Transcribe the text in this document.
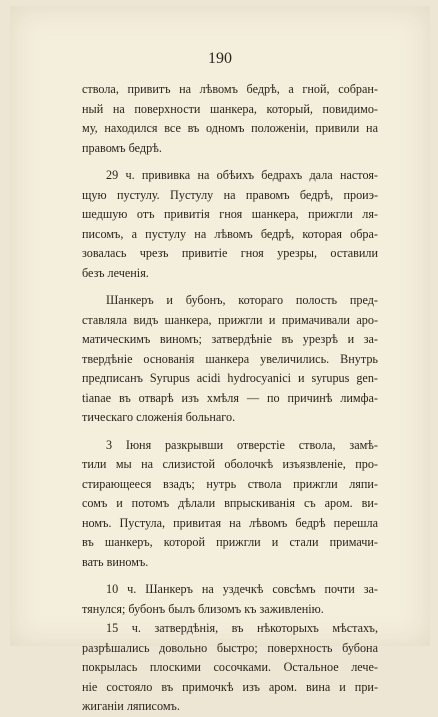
190

ствола, привитъ на лѣвомъ бедрѣ, а гной, собран-
ный на поверхности шанкера, который, повидимо-
му, находился все въ одномъ положеніи, привили на
правомъ бедрѣ.
29 ч. прививка на обѣихъ бедрахъ дала настоя-
щую пустулу. Пустулу на правомъ бедрѣ, проиэ-
шедшую отъ привитія гноя шанкера, прижгли ля-
писомъ, а пустулу на лѣвомъ бедрѣ, которая обра-
зовалась чрезъ привитіе гноя урезры, оставили
безъ леченія.
Шанкеръ и бубонъ, котораго полость пред-
ставляла видъ шанкера, прижгли и примачивали аро-
матическимъ виномъ; затвердѣніе въ урезрѣ и за-
твердѣніе основанія шанкера увеличились. Внутрь
предписанъ Syrupus acidi hydrocyanici и syrupus gen-
tianae въ отварѣ изъ хмѣля — по причинѣ лимфа-
тическаго сложенія больнаго.
3 Іюня разкрывши отверстіе ствола, замѣ-
тили мы на слизистой оболочкѣ изъязвленіе, про-
стирающееся взадъ; нутрь ствола прижгли ляпи-
сомъ и потомъ дѣлали впрыскиванія съ аром. ви-
номъ. Пустула, привитая на лѣвомъ бедрѣ перешла
въ шанкеръ, которой прижгли и стали примачи-
вать виномъ.
10 ч. Шанкеръ на уздечкѣ совсѣмъ почти за-
тянулся; бубонъ былъ близомъ къ заживленію.
15 ч. затвердѣнія, въ нѣкоторыхъ мѣстахъ,
разрѣшались довольно быстро; поверхность бубона
покрылась плоскими сосочками. Остальное лече-
ніе состояло въ примочкѣ изъ аром. вина и при-
жиганіи ляписомъ.
